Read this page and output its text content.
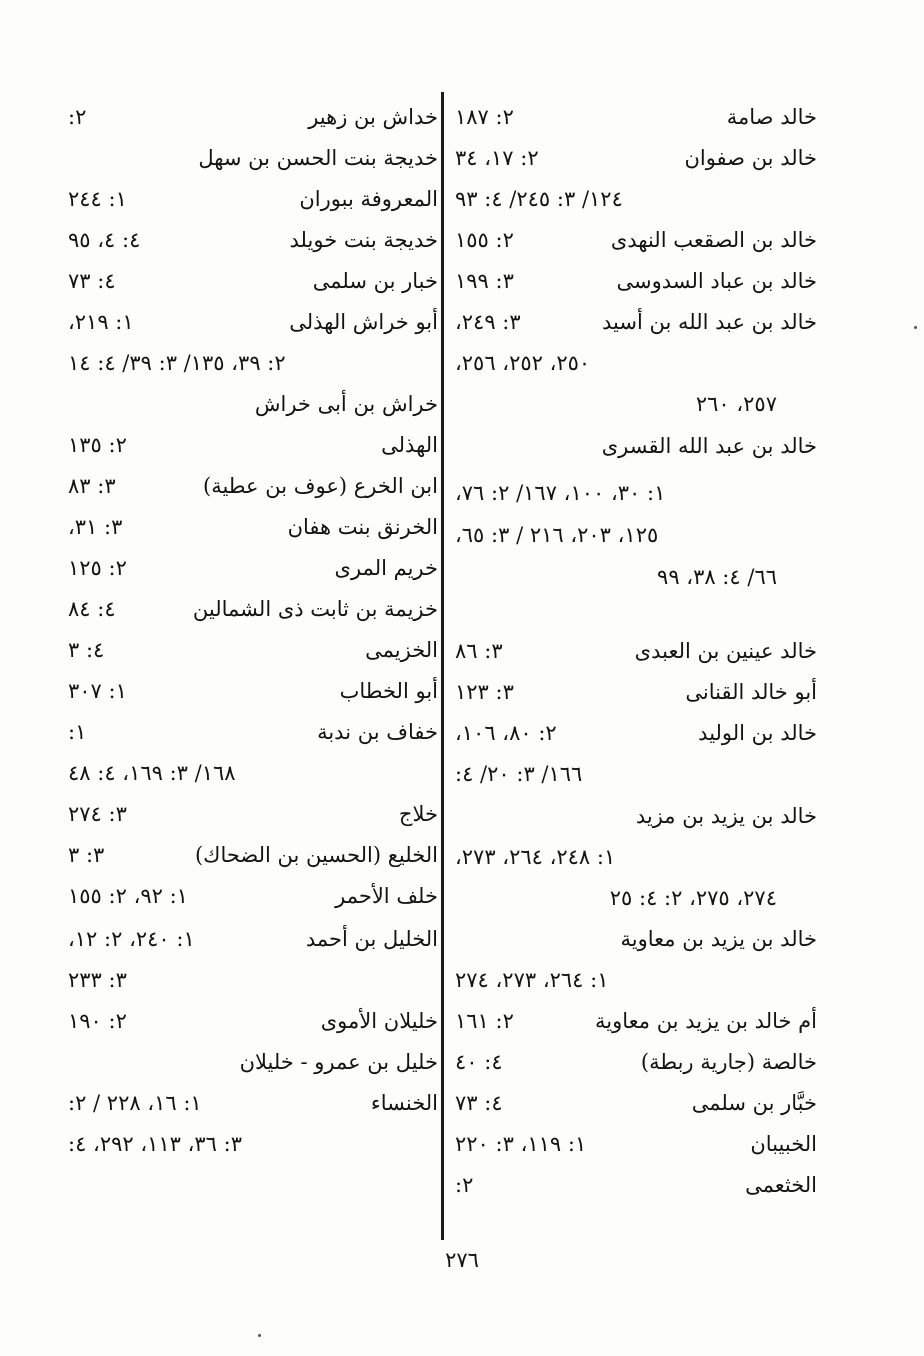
خالد صامة
٢: ١٨٧
خالد بن صفوان
٢: ١٧، ٣٤
١٢٤/ ٣: ٢٤٥/ ٤: ٩٣
خالد بن الصقعب النهدى
٢: ١٥٥
خالد بن عباد السدوسى
٣: ١٩٩
خالد بن عبد الله بن أسيد
٣: ٢٤٩،
٢٥٠، ٢٥٢، ٢٥٦،
٢٥٧، ٢٦٠
خالد بن عبد الله القسرى
١: ٣٠، ١٠٠، ١٦٧/ ٢: ٧٦،
١٢٥، ٢٠٣، ٢١٦ / ٣: ٦٥،
٦٦/ ٤: ٣٨، ٩٩
خالد عينين بن العبدى
٣: ٨٦
أبو خالد القنانى
٣: ١٢٣
خالد بن الوليد
٢: ٨٠، ١٠٦،
١٦٦/ ٣: ٢٠/ ٤:
خالد بن يزيد بن مزيد
١: ٢٤٨، ٢٦٤، ٢٧٣،
٢٧٤، ٢٧٥، ٢: ٤: ٢٥
خالد بن يزيد بن معاوية
١: ٢٦٤، ٢٧٣، ٢٧٤
أم خالد بن يزيد بن معاوية
٢: ١٦١
خالصة (جارية ربطة)
٤: ٤٠
خبَّار بن سلمى
٤: ٧٣
الخبيبان
١: ١١٩، ٣: ٢٢٠
الخثعمى
٢:
خداش بن زهير
٢:
خديجة بنت الحسن بن سهل
المعروفة ببوران
١: ٢٤٤
خديجة بنت خويلد
٤: ٤، ٩٥
خبار بن سلمى
٤: ٧٣
أبو خراش الهذلى
١: ٢١٩،
٢: ٣٩، ١٣٥/ ٣: ٣٩/ ٤: ١٤
خراش بن أبى خراش
الهذلى
٢: ١٣٥
ابن الخرع (عوف بن عطية)
٣: ٨٣
الخرنق بنت هفان
٣: ٣١،
خريم المرى
٢: ١٢٥
خزيمة بن ثابت ذى الشمالين
٤: ٨٤
الخزيمى
٤: ٣
أبو الخطاب
١: ٣٠٧
خفاف بن ندبة
١:
١٦٨/ ٣: ١٦٩، ٤: ٤٨
خلاج
٣: ٢٧٤
الخليع (الحسين بن الضحاك)
٣: ٣
خلف الأحمر
١: ٩٢، ٢: ١٥٥
الخليل بن أحمد
١: ٢٤٠، ٢: ١٢،
٣: ٢٣٣
خليلان الأموى
٢: ١٩٠
خليل بن عمرو - خليلان
الخنساء
١: ١٦، ٢٢٨ / ٢:
٣: ٣٦، ١١٣، ٢٩٢، ٤:
٢٧٦
